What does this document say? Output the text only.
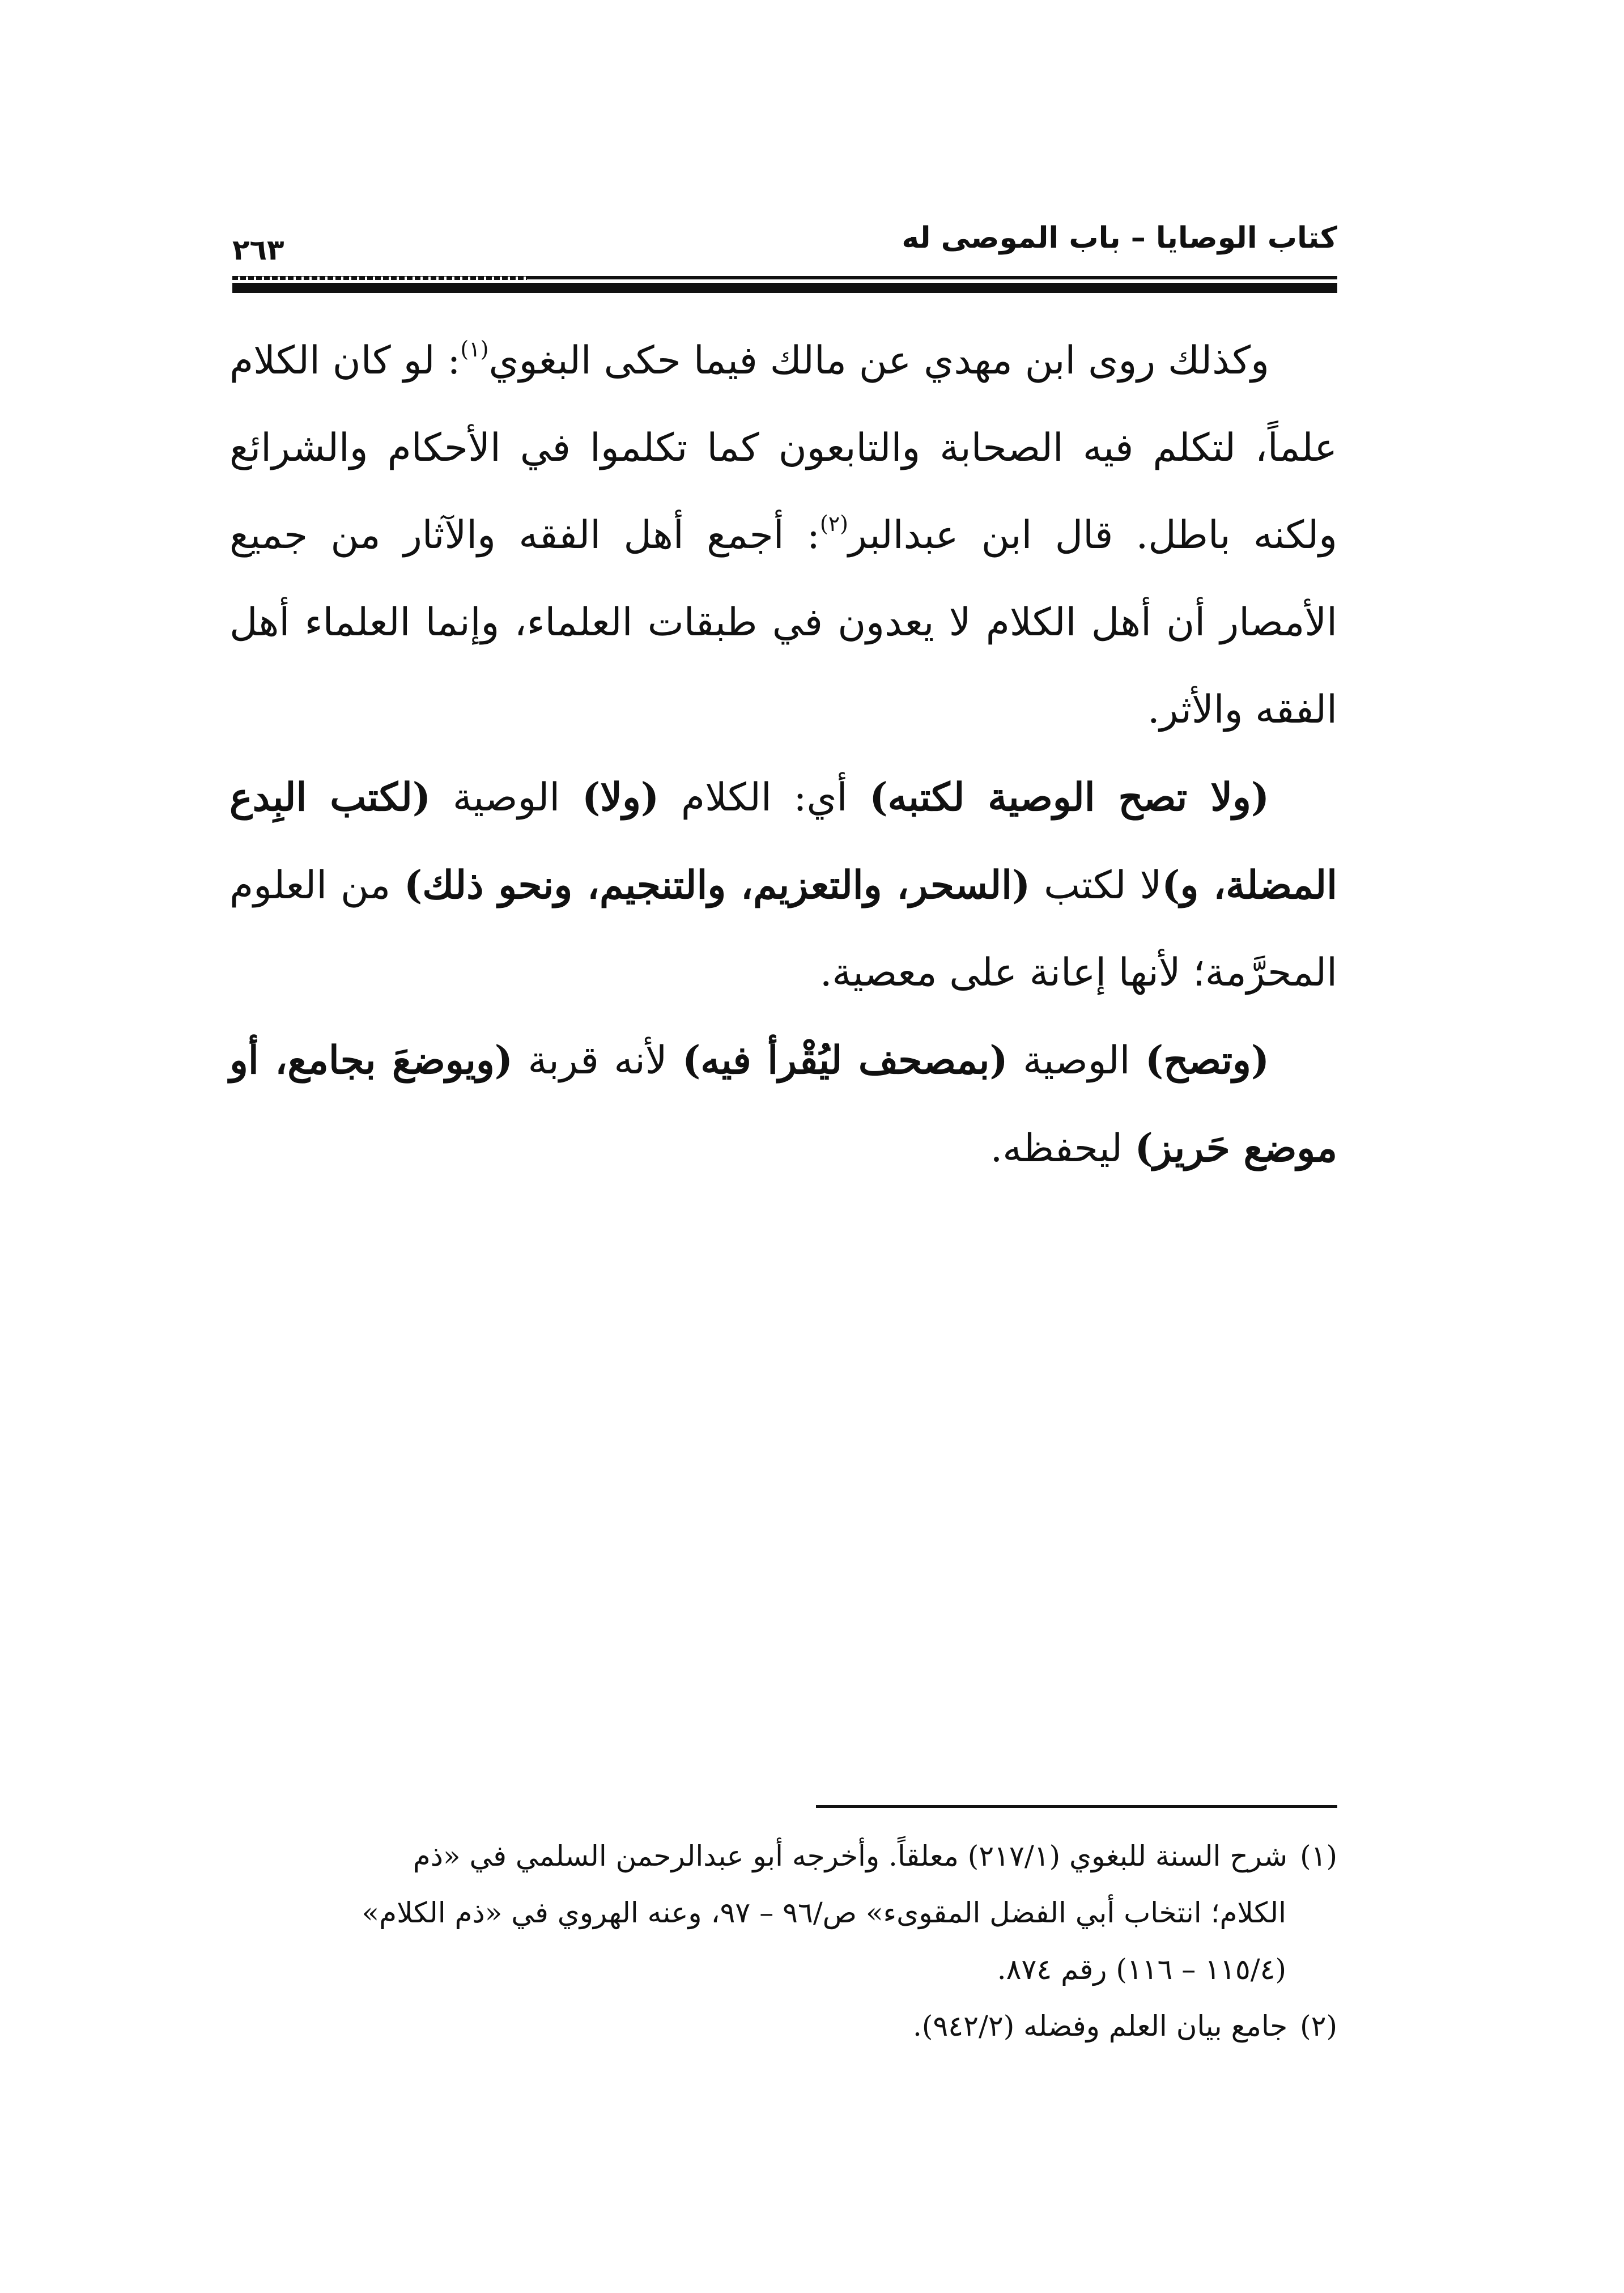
كتاب الوصايا – باب الموصى له
٢٦٣

وكذلك روى ابن مهدي عن مالك فيما حكى البغوي$^{(١)}$: لو كان الكلام علماً، لتكلم فيه الصحابة والتابعون كما تكلموا في الأحكام والشرائع ولكنه باطل. قال ابن عبدالبر$^{(٢)}$: أجمع أهل الفقه والآثار من جميع الأمصار أن أهل الكلام لا يعدون في طبقات العلماء، وإنما العلماء أهل الفقه والأثر.

(ولا تصح الوصية لكتبه) أي: الكلام (ولا) الوصية (لكتب البِدع المضلة، و)لا لكتب (السحر، والتعزيم، والتنجيم، ونحو ذلك) من العلوم المحرَّمة؛ لأنها إعانة على معصية.

(وتصح) الوصية (بمصحف ليُقْرأ فيه) لأنه قربة (ويوضعَ بجامع، أو موضع حَريز) ليحفظه.

(١)شرح السنة للبغوي (٢١٧/١) معلقاً. وأخرجه أبو عبدالرحمن السلمي في «ذم

الكلام؛ انتخاب أبي الفضل المقوىء» ص/٩٦ – ٩٧، وعنه الهروي في «ذم الكلام»

(١١٥/٤ – ١١٦) رقم ٨٧٤.

(٢)جامع بيان العلم وفضله (٩٤٢/٢).
